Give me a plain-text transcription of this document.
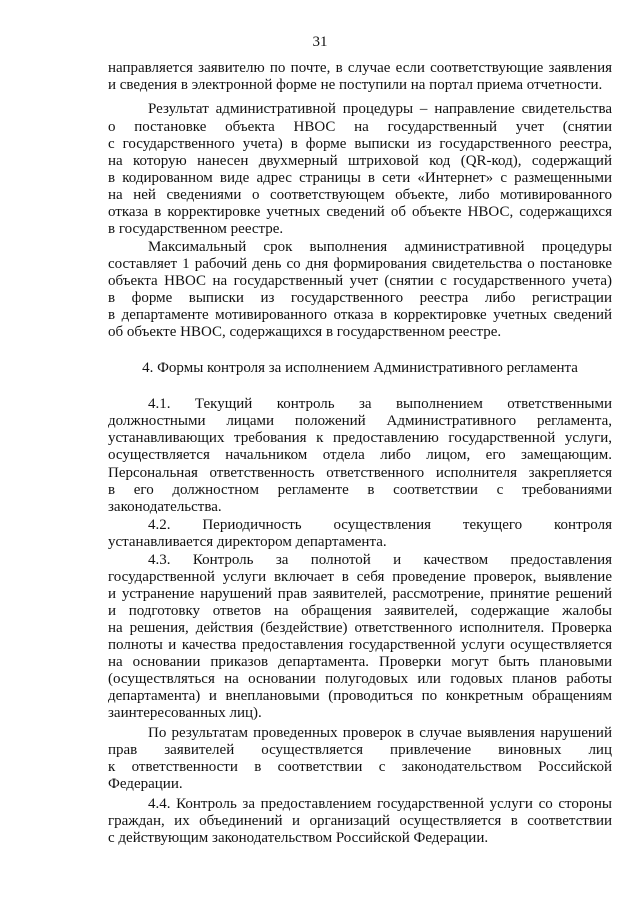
31
направляется заявителю по почте, в случае если соответствующие заявления
и сведения в электронной форме не поступили на портал приема отчетности.
Результат административной процедуры – направление свидетельства
о постановке объекта НВОС на государственный учет (снятии
с государственного учета) в форме выписки из государственного реестра,
на которую нанесен двухмерный штриховой код (QR-код), содержащий
в кодированном виде адрес страницы в сети «Интернет» с размещенными
на ней сведениями о соответствующем объекте, либо мотивированного
отказа в корректировке учетных сведений об объекте НВОС, содержащихся
в государственном реестре.
Максимальный срок выполнения административной процедуры
составляет 1 рабочий день со дня формирования свидетельства о постановке
объекта НВОС на государственный учет (снятии с государственного учета)
в форме выписки из государственного реестра либо регистрации
в департаменте мотивированного отказа в корректировке учетных сведений
об объекте НВОС, содержащихся в государственном реестре.
4. Формы контроля за исполнением Административного регламента
4.1. Текущий контроль за выполнением ответственными
должностными лицами положений Административного регламента,
устанавливающих требования к предоставлению государственной услуги,
осуществляется начальником отдела либо лицом, его замещающим.
Персональная ответственность ответственного исполнителя закрепляется
в его должностном регламенте в соответствии с требованиями
законодательства.
4.2. Периодичность осуществления текущего контроля
устанавливается директором департамента.
4.3. Контроль за полнотой и качеством предоставления
государственной услуги включает в себя проведение проверок, выявление
и устранение нарушений прав заявителей, рассмотрение, принятие решений
и подготовку ответов на обращения заявителей, содержащие жалобы
на решения, действия (бездействие) ответственного исполнителя. Проверка
полноты и качества предоставления государственной услуги осуществляется
на основании приказов департамента. Проверки могут быть плановыми
(осуществляться на основании полугодовых или годовых планов работы
департамента) и внеплановыми (проводиться по конкретным обращениям
заинтересованных лиц).
По результатам проведенных проверок в случае выявления нарушений
прав заявителей осуществляется привлечение виновных лиц
к ответственности в соответствии с законодательством Российской
Федерации.
4.4. Контроль за предоставлением государственной услуги со стороны
граждан, их объединений и организаций осуществляется в соответствии
с действующим законодательством Российской Федерации.
